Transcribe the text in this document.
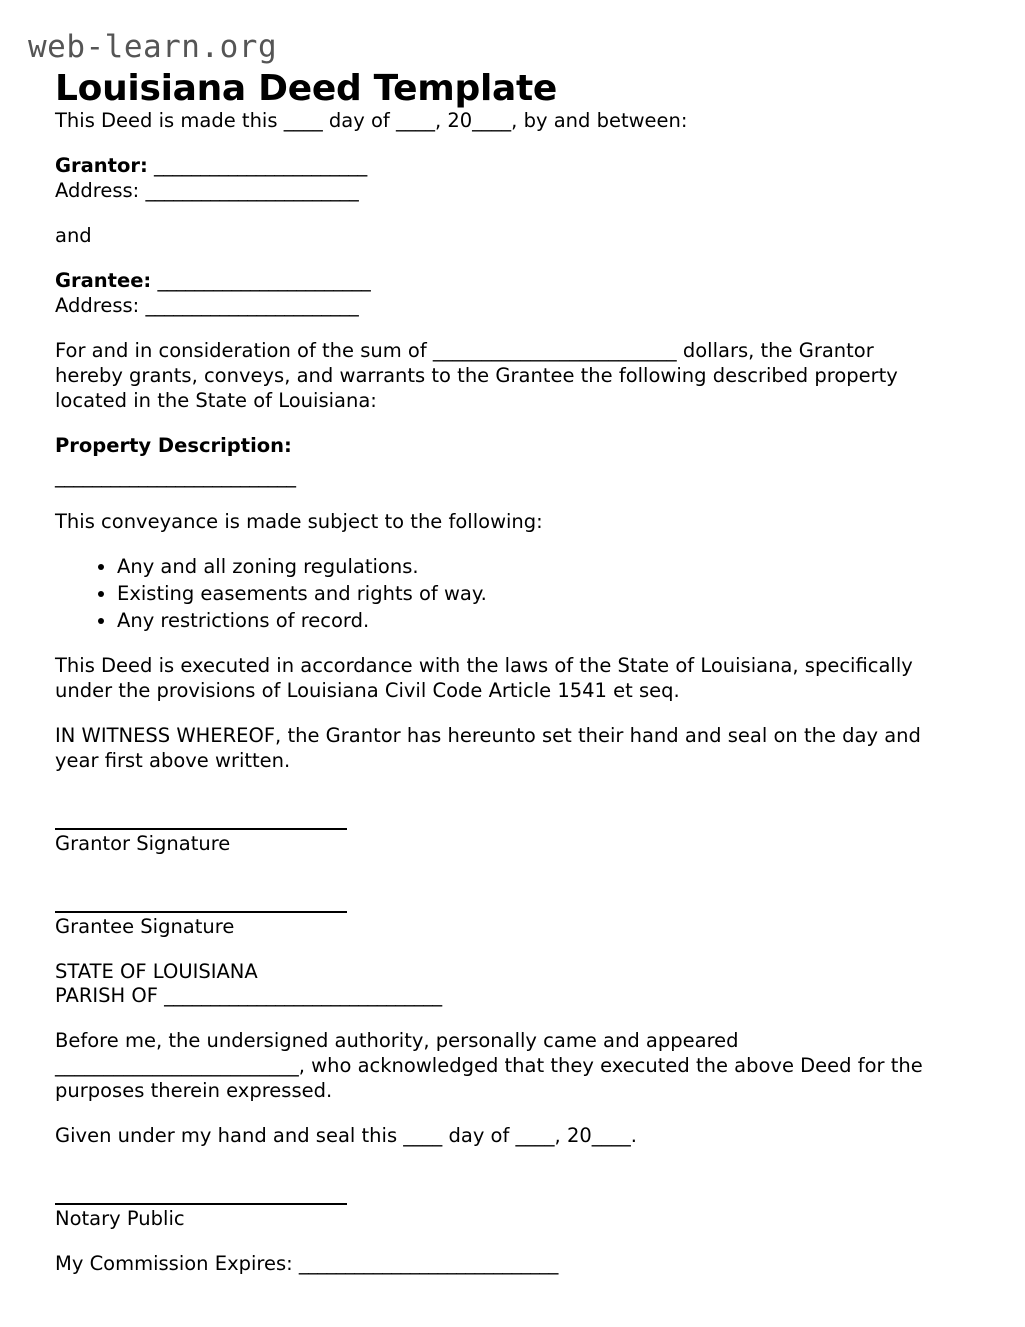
web-learn.org
Louisiana Deed Template

This Deed is made this ____ day of ____, 20____, by and between:

Grantor: _______________________
Address: _______________________

and

Grantee: _______________________
Address: _______________________

For and in consideration of the sum of _________________________ dollars, the Grantor hereby grants, conveys, and warrants to the Grantee the following described property located in the State of Louisiana:

Property Description:

__________________________

This conveyance is made subject to the following:

• Any and all zoning regulations.
• Existing easements and rights of way.
• Any restrictions of record.

This Deed is executed in accordance with the laws of the State of Louisiana, specifically under the provisions of Louisiana Civil Code Article 1541 et seq.

IN WITNESS WHEREOF, the Grantor has hereunto set their hand and seal on the day and year first above written.

Grantor Signature
Grantee Signature
STATE OF LOUISIANA
PARISH OF ______________________________

Before me, the undersigned authority, personally came and appeared _________________________, who acknowledged that they executed the above Deed for the purposes therein expressed.

Given under my hand and seal this ____ day of ____, 20____.

Notary Public

My Commission Expires: ____________________________
